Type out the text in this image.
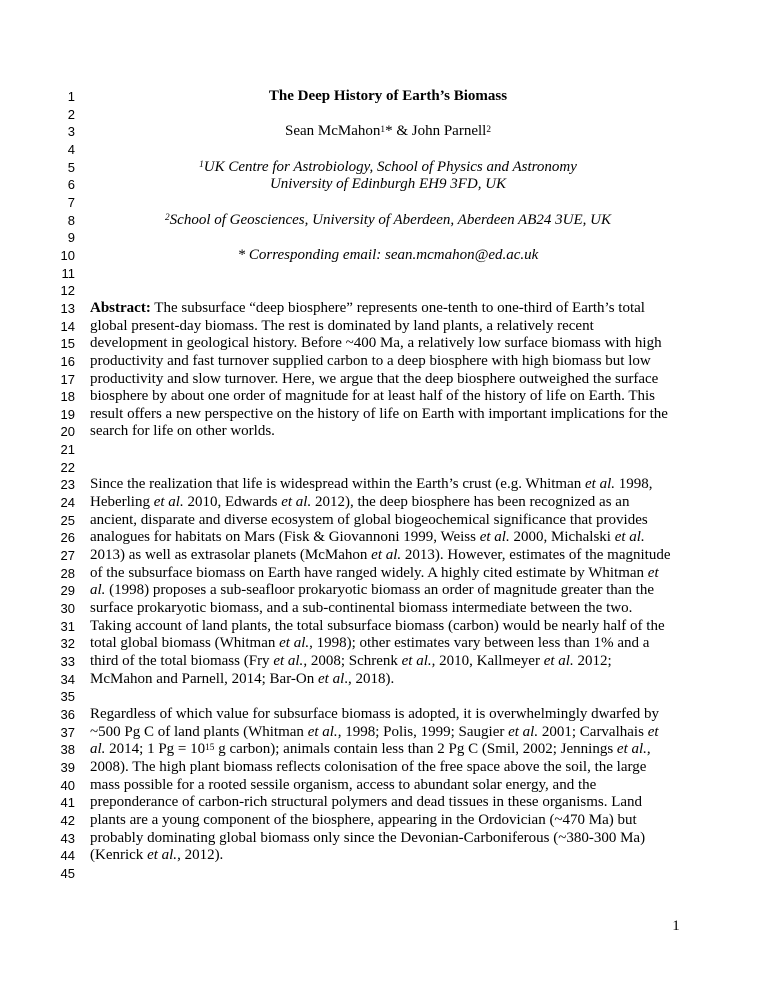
1	The Deep History of Earth’s Biomass
2
3	Sean McMahon$^1$* & John Parnell$^2$
4
5	$^1$UK Centre for Astrobiology, School of Physics and Astronomy
6	University of Edinburgh EH9 3FD, UK
7
8	$^2$School of Geosciences, University of Aberdeen, Aberdeen AB24 3UE, UK
9
10	* Corresponding email: sean.mcmahon@ed.ac.uk
11
12
13	Abstract: The subsurface “deep biosphere” represents one-tenth to one-third of Earth’s total
14	global present-day biomass. The rest is dominated by land plants, a relatively recent
15	development in geological history. Before ~400 Ma, a relatively low surface biomass with high
16	productivity and fast turnover supplied carbon to a deep biosphere with high biomass but low
17	productivity and slow turnover. Here, we argue that the deep biosphere outweighed the surface
18	biosphere by about one order of magnitude for at least half of the history of life on Earth. This
19	result offers a new perspective on the history of life on Earth with important implications for the
20	search for life on other worlds.
21
22
23	Since the realization that life is widespread within the Earth’s crust (e.g. Whitman et al. 1998,
24	Heberling et al. 2010, Edwards et al. 2012), the deep biosphere has been recognized as an
25	ancient, disparate and diverse ecosystem of global biogeochemical significance that provides
26	analogues for habitats on Mars (Fisk & Giovannoni 1999, Weiss et al. 2000, Michalski et al.
27	2013) as well as extrasolar planets (McMahon et al. 2013). However, estimates of the magnitude
28	of the subsurface biomass on Earth have ranged widely. A highly cited estimate by Whitman et
29	al. (1998) proposes a sub-seafloor prokaryotic biomass an order of magnitude greater than the
30	surface prokaryotic biomass, and a sub-continental biomass intermediate between the two.
31	Taking account of land plants, the total subsurface biomass (carbon) would be nearly half of the
32	total global biomass (Whitman et al., 1998); other estimates vary between less than 1% and a
33	third of the total biomass (Fry et al., 2008; Schrenk et al., 2010, Kallmeyer et al. 2012;
34	McMahon and Parnell, 2014; Bar-On et al., 2018).
35
36	Regardless of which value for subsurface biomass is adopted, it is overwhelmingly dwarfed by
37	~500 Pg C of land plants (Whitman et al., 1998; Polis, 1999; Saugier et al. 2001; Carvalhais et
38	al. 2014; 1 $Pg = 10^{15}$ g carbon); animals contain less than 2 Pg C (Smil, 2002; Jennings et al.,
39	2008). The high plant biomass reflects colonisation of the free space above the soil, the large
40	mass possible for a rooted sessile organism, access to abundant solar energy, and the
41	preponderance of carbon-rich structural polymers and dead tissues in these organisms. Land
42	plants are a young component of the biosphere, appearing in the Ordovician (~470 Ma) but
43	probably dominating global biomass only since the Devonian-Carboniferous (~380-300 Ma)
44	(Kenrick et al., 2012).
45
1
